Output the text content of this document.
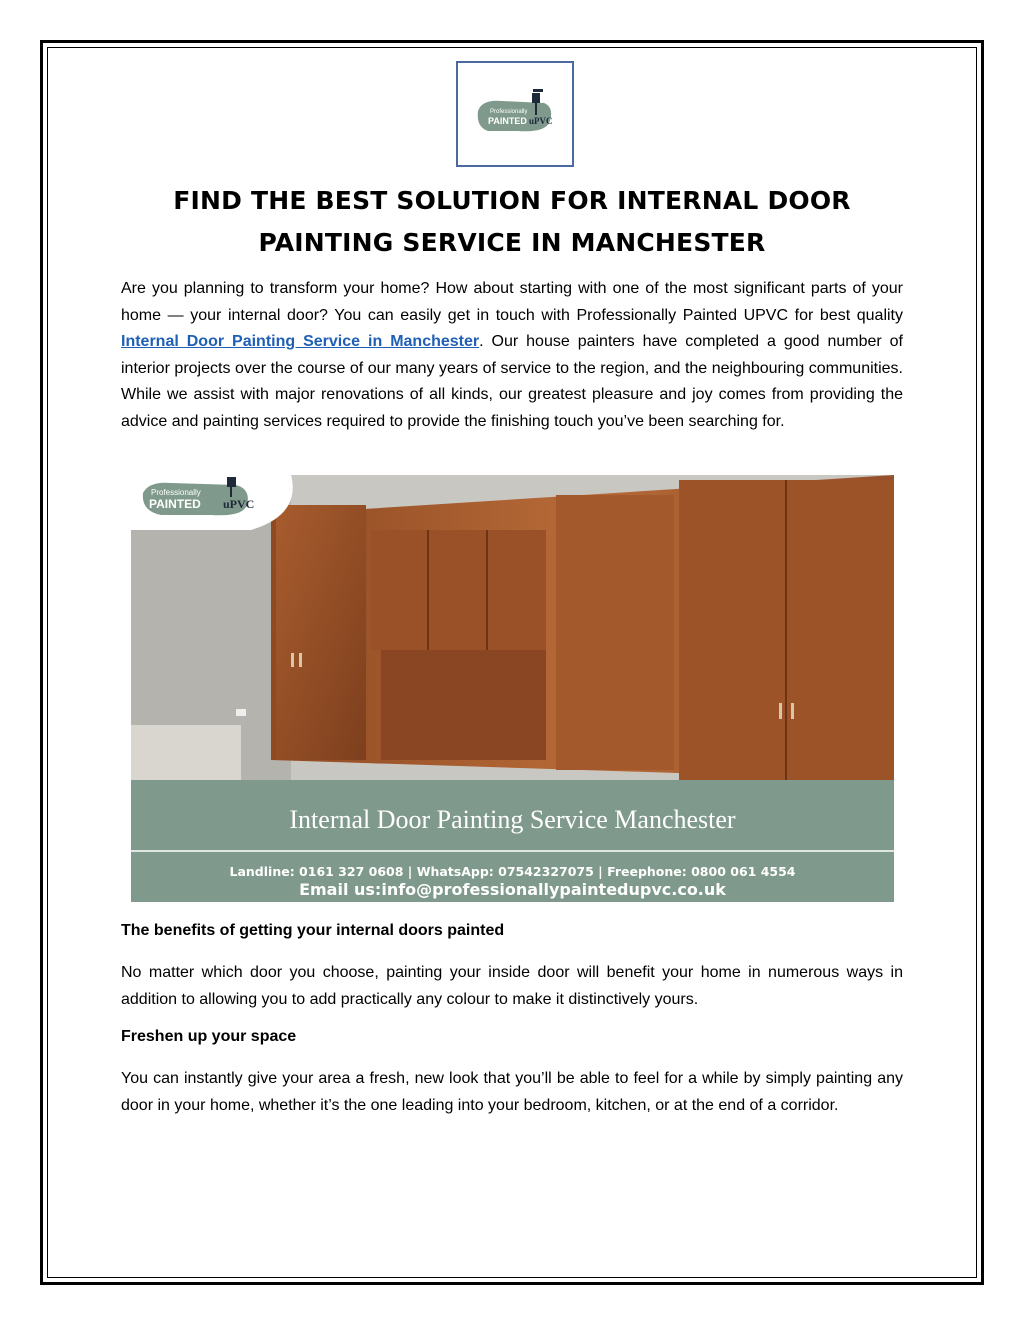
Professionally
PAINTED uPVC
FIND THE BEST SOLUTION FOR INTERNAL DOOR PAINTING SERVICE IN MANCHESTER

Are you planning to transform your home? How about starting with one of the most significant parts of your home — your internal door? You can easily get in touch with Professionally Painted UPVC for best quality Internal Door Painting Service in Manchester. Our house painters have completed a good number of interior projects over the course of our many years of service to the region, and the neighbouring communities. While we assist with major renovations of all kinds, our greatest pleasure and joy comes from providing the advice and painting services required to provide the finishing touch you’ve been searching for.

Professionally
PAINTED uPVC
Internal Door Painting Service Manchester
Landline: 0161 327 0608 | WhatsApp: 07542327075 | Freephone: 0800 061 4554
Email us:info@professionallypaintedupvc.co.uk

The benefits of getting your internal doors painted

No matter which door you choose, painting your inside door will benefit your home in numerous ways in addition to allowing you to add practically any colour to make it distinctively yours.

Freshen up your space

You can instantly give your area a fresh, new look that you’ll be able to feel for a while by simply painting any door in your home, whether it’s the one leading into your bedroom, kitchen, or at the end of a corridor.
